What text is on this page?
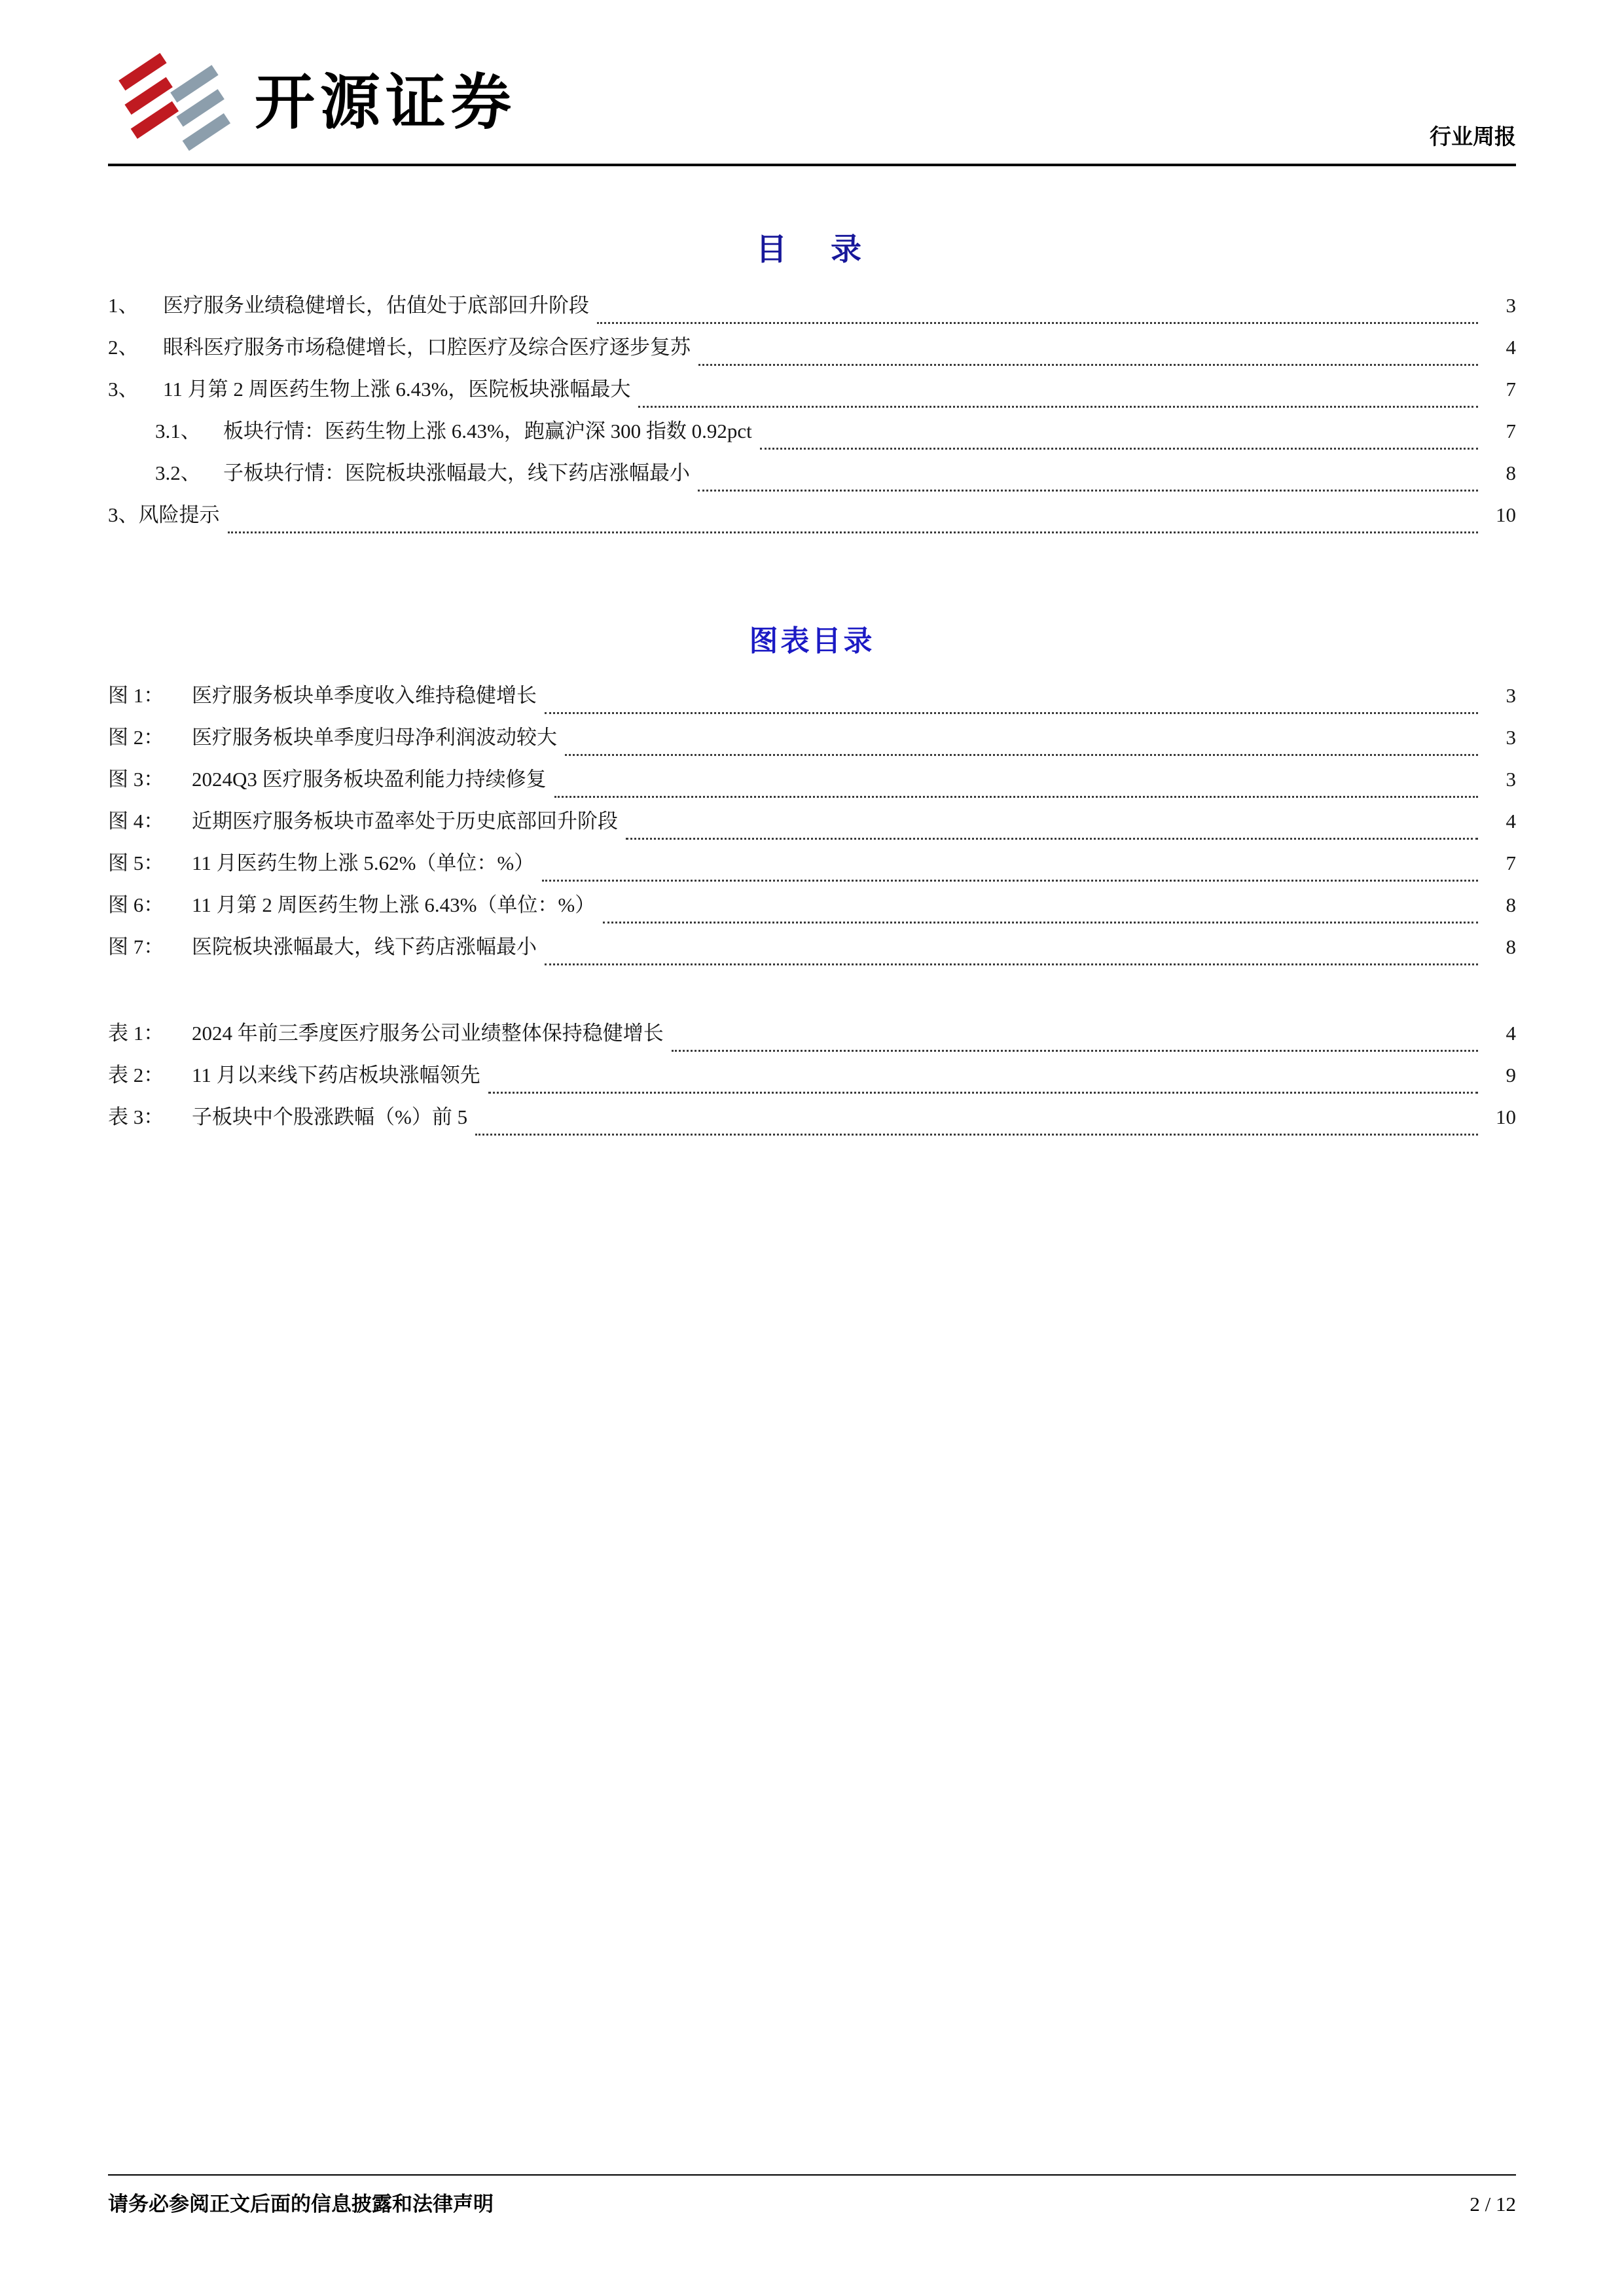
开源证券
行业周报
目　录
1、	医疗服务业绩稳健增长，估值处于底部回升阶段	3
2、	眼科医疗服务市场稳健增长，口腔医疗及综合医疗逐步复苏	4
3、	11 月第 2 周医药生物上涨 6.43%，医院板块涨幅最大	7
3.1、	板块行情：医药生物上涨 6.43%，跑赢沪深 300 指数 0.92pct	7
3.2、	子板块行情：医院板块涨幅最大，线下药店涨幅最小	8
3、 风险提示	10
图表目录
图 1：	医疗服务板块单季度收入维持稳健增长	3
图 2：	医疗服务板块单季度归母净利润波动较大	3
图 3：	2024Q3 医疗服务板块盈利能力持续修复	3
图 4：	近期医疗服务板块市盈率处于历史底部回升阶段	4
图 5：	11 月医药生物上涨 5.62%（单位：%）	7
图 6：	11 月第 2 周医药生物上涨 6.43%（单位：%）	8
图 7：	医院板块涨幅最大，线下药店涨幅最小	8
表 1：	2024 年前三季度医疗服务公司业绩整体保持稳健增长	4
表 2：	11 月以来线下药店板块涨幅领先	9
表 3：	子板块中个股涨跌幅（%）前 5	10
请务必参阅正文后面的信息披露和法律声明	2 / 12
